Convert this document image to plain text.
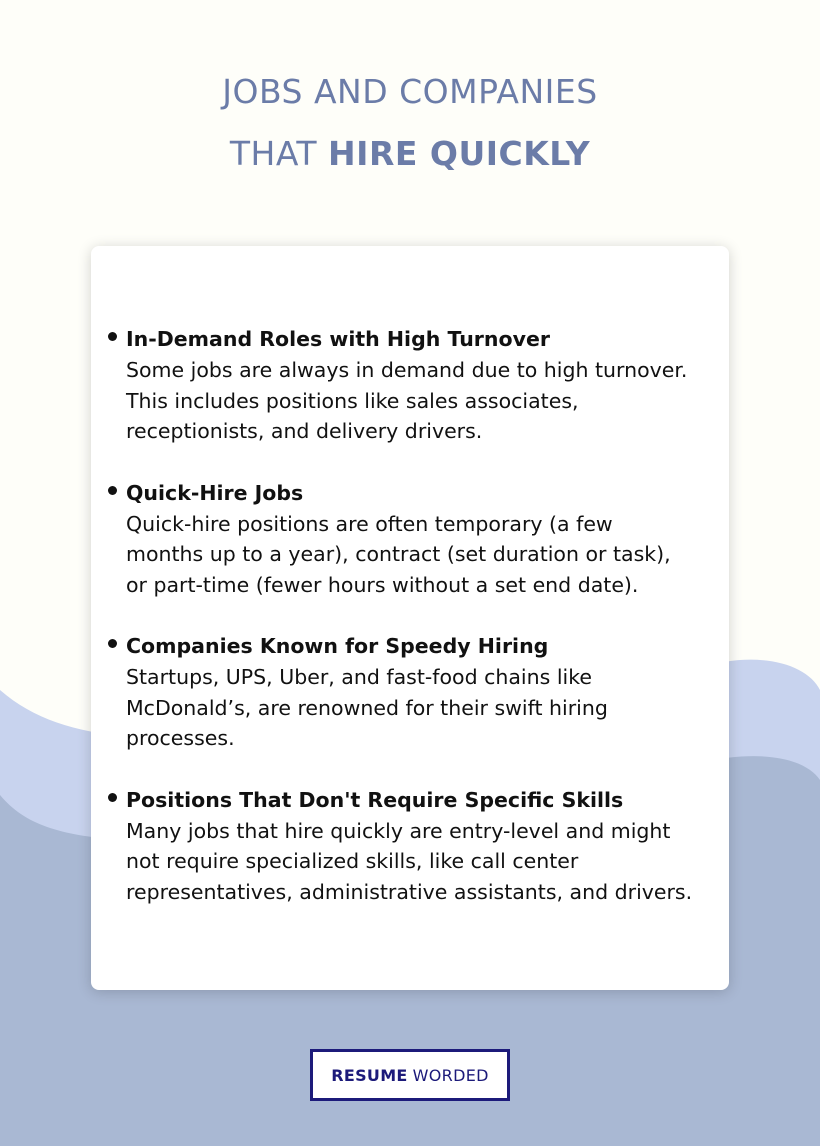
JOBS AND COMPANIES
THAT HIRE QUICKLY
In-Demand Roles with High Turnover
Some jobs are always in demand due to high turnover. This includes positions like sales associates, receptionists, and delivery drivers.
Quick-Hire Jobs
Quick-hire positions are often temporary (a few months up to a year), contract (set duration or task), or part-time (fewer hours without a set end date).
Companies Known for Speedy Hiring
Startups, UPS, Uber, and fast-food chains like McDonald’s, are renowned for their swift hiring processes.
Positions That Don't Require Specific Skills
Many jobs that hire quickly are entry-level and might not require specialized skills, like call center representatives, administrative assistants, and drivers.
RESUME WORDED
